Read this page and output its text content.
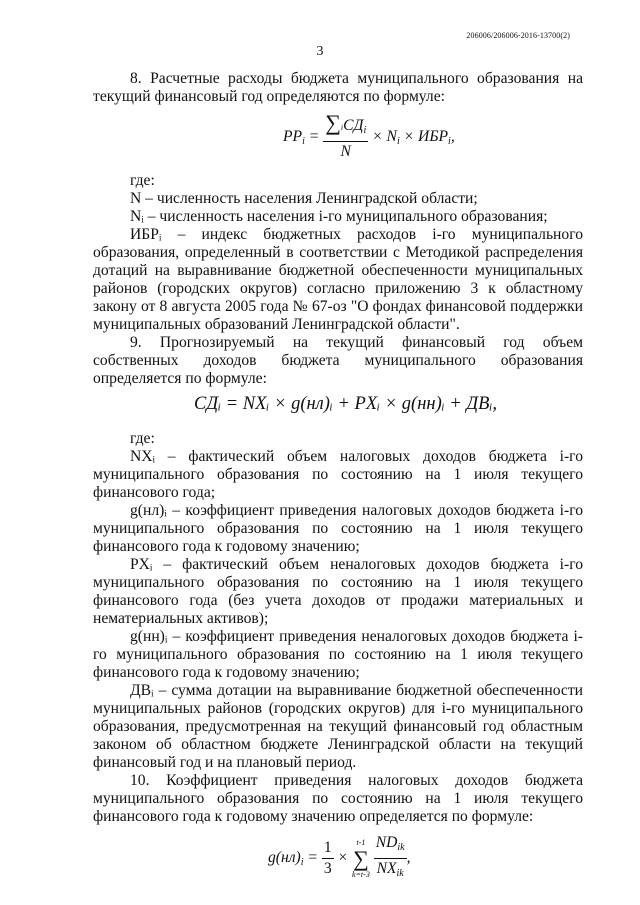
206006/206006-2016-13700(2)
3

8. Расчетные расходы бюджета муниципального образования на текущий финансовый год определяются по формуле:

$РР_i = \frac{\sum iСД_i}{N} \times N_i \times ИБР_i$,

где:

N – численность населения Ленинградской области;

Nᵢ – численность населения i-го муниципального образования;

ИБРᵢ – индекс бюджетных расходов i-го муниципального образования, определенный в соответствии с Методикой распределения дотаций на выравнивание бюджетной обеспеченности муниципальных районов (городских округов) согласно приложению 3 к областному закону от 8 августа 2005 года № 67-оз "О фондах финансовой поддержки муниципальных образований Ленинградской области".

9. Прогнозируемый на текущий финансовый год объем собственных доходов бюджета муниципального образования определяется по формуле:

СДᵢ = NXᵢ × g(нл)ᵢ + PXᵢ × g(нн)ᵢ + ДВᵢ,

где:

NXᵢ – фактический объем налоговых доходов бюджета i-го муниципального образования по состоянию на 1 июля текущего финансового года;

g(нл)ᵢ – коэффициент приведения налоговых доходов бюджета i-го муниципального образования по состоянию на 1 июля текущего финансового года к годовому значению;

PXᵢ – фактический объем неналоговых доходов бюджета i-го муниципального образования по состоянию на 1 июля текущего финансового года (без учета доходов от продажи материальных и нематериальных активов);

g(нн)ᵢ – коэффициент приведения неналоговых доходов бюджета i-го муниципального образования по состоянию на 1 июля текущего финансового года к годовому значению;

ДВᵢ – сумма дотации на выравнивание бюджетной обеспеченности муниципальных районов (городских округов) для i-го муниципального образования, предусмотренная на текущий финансовый год областным законом об областном бюджете Ленинградской области на текущий финансовый год и на плановый период.

10. Коэффициент приведения налоговых доходов бюджета муниципального образования по состоянию на 1 июля текущего финансового года к годовому значению определяется по формуле:

$g(нл)_i = \frac{1}{3}$ ×
t-1
∑
k=t-3
$\frac{ND_{ik}}{NX_{ik}}$ ,
